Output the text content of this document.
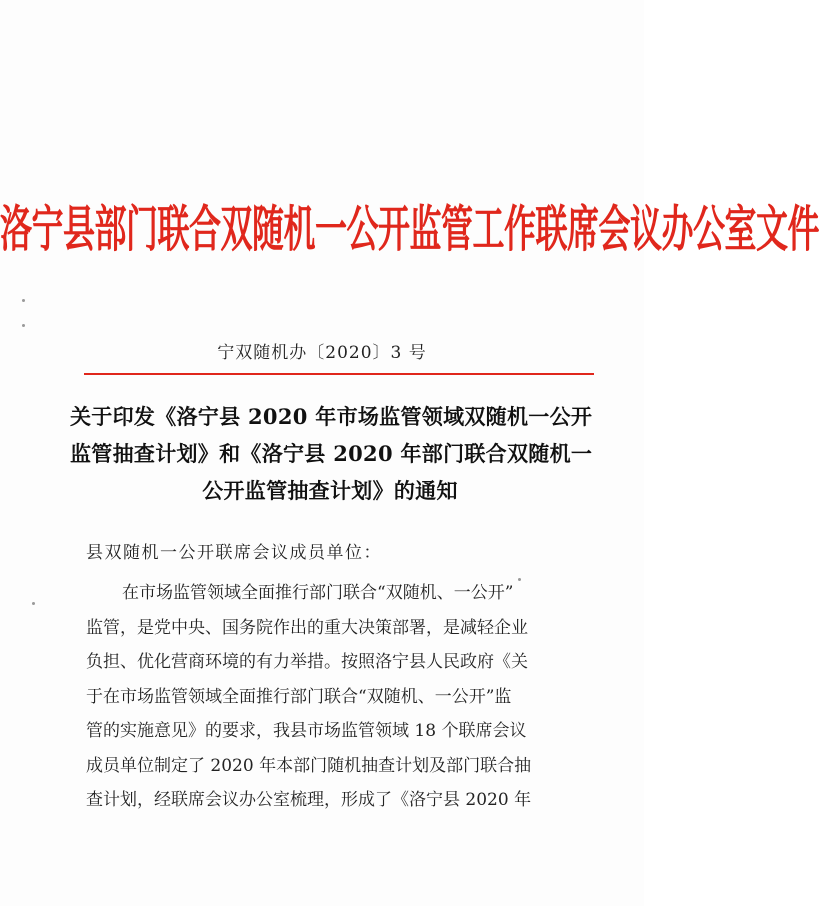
洛宁县部门联合双随机一公开监管工作联席会议办公室文件
宁双随机办〔2020〕3 号
关于印发《洛宁县 2020 年市场监管领域双随机一公开
监管抽查计划》和《洛宁县 2020 年部门联合双随机一
公开监管抽查计划》的通知
县双随机一公开联席会议成员单位：
在市场监管领域全面推行部门联合“双随机、一公开”
监管，是党中央、国务院作出的重大决策部署，是减轻企业
负担、优化营商环境的有力举措。按照洛宁县人民政府《关
于在市场监管领域全面推行部门联合“双随机、一公开”监
管的实施意见》的要求，我县市场监管领域 18 个联席会议
成员单位制定了 2020 年本部门随机抽查计划及部门联合抽
查计划，经联席会议办公室梳理，形成了《洛宁县 2020 年
